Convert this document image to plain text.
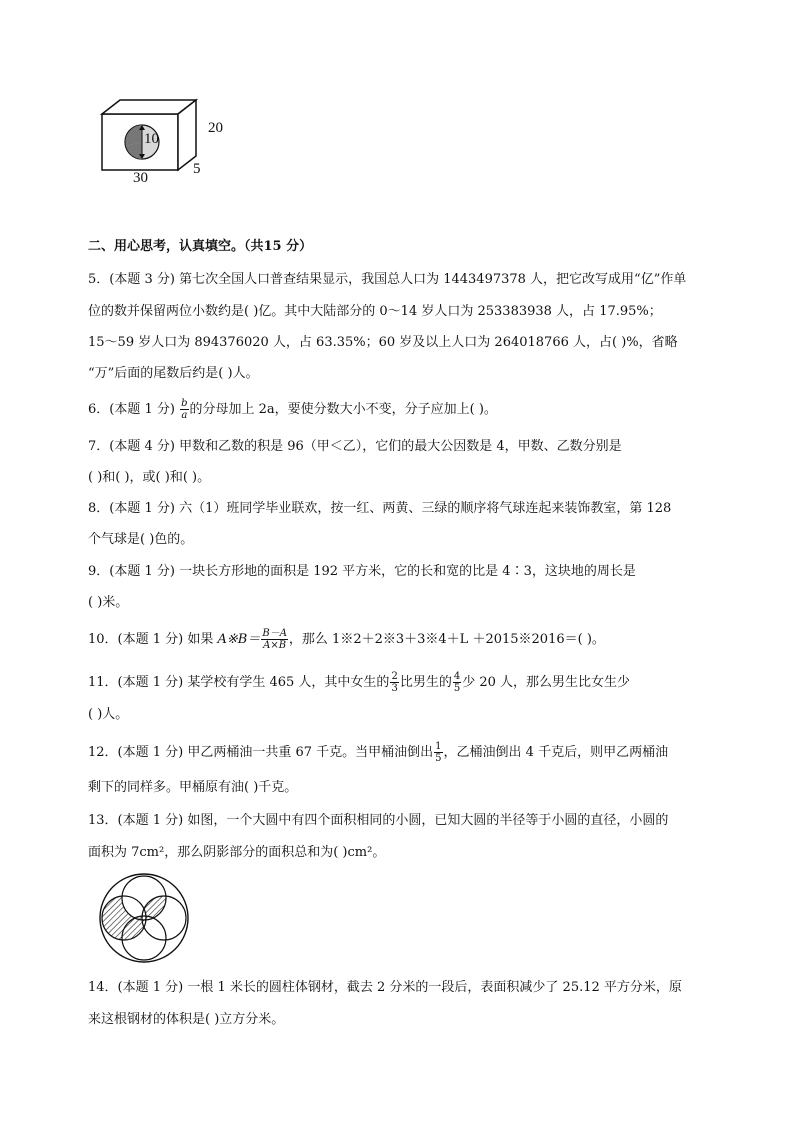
10
20
5
30
二、用心思考，认真填空。（共15 分）
5．(本题 3 分) 第七次全国人口普查结果显示，我国总人口为 1443497378 人，把它改写成用“亿”作单
位的数并保留两位小数约是( )亿。其中大陆部分的 0～14 岁人口为 253383938 人，占 17.95%；
15～59 岁人口为 894376020 人，占 63.35%；60 岁及以上人口为 264018766 人，占( )%，省略
“万”后面的尾数后约是( )人。
6．(本题 1 分) $\frac{b}{a}$ 的分母加上 2a，要使分数大小不变，分子应加上( )。
7．(本题 4 分) 甲数和乙数的积是 96（甲＜乙），它们的最大公因数是 4，甲数、乙数分别是
( )和( )，或( )和( )。
8．(本题 1 分) 六（1）班同学毕业联欢，按一红、两黄、三绿的顺序将气球连起来装饰教室，第 128
个气球是( )色的。
9．(本题 1 分) 一块长方形地的面积是 192 平方米，它的长和宽的比是 4∶3，这块地的周长是
( )米。
10．(本题 1 分) 如果 A※B＝ $\frac{B-A}{A\times B}$ ，那么 1※2＋2※3＋3※4＋L ＋2015※2016＝( )。
11．(本题 1 分) 某学校有学生 465 人，其中女生的 $\frac{2}{3}$ 比男生的 $\frac{4}{5}$ 少 20 人，那么男生比女生少
( )人。
12．(本题 1 分) 甲乙两桶油一共重 67 千克。当甲桶油倒出 $\frac{1}{5}$ ，乙桶油倒出 4 千克后，则甲乙两桶油
剩下的同样多。甲桶原有油( )千克。
13．(本题 1 分) 如图，一个大圆中有四个面积相同的小圆，已知大圆的半径等于小圆的直径，小圆的
面积为 7cm²，那么阴影部分的面积总和为( )cm²。
14．(本题 1 分) 一根 1 米长的圆柱体钢材，截去 2 分米的一段后，表面积减少了 25.12 平方分米，原
来这根钢材的体积是( )立方分米。
